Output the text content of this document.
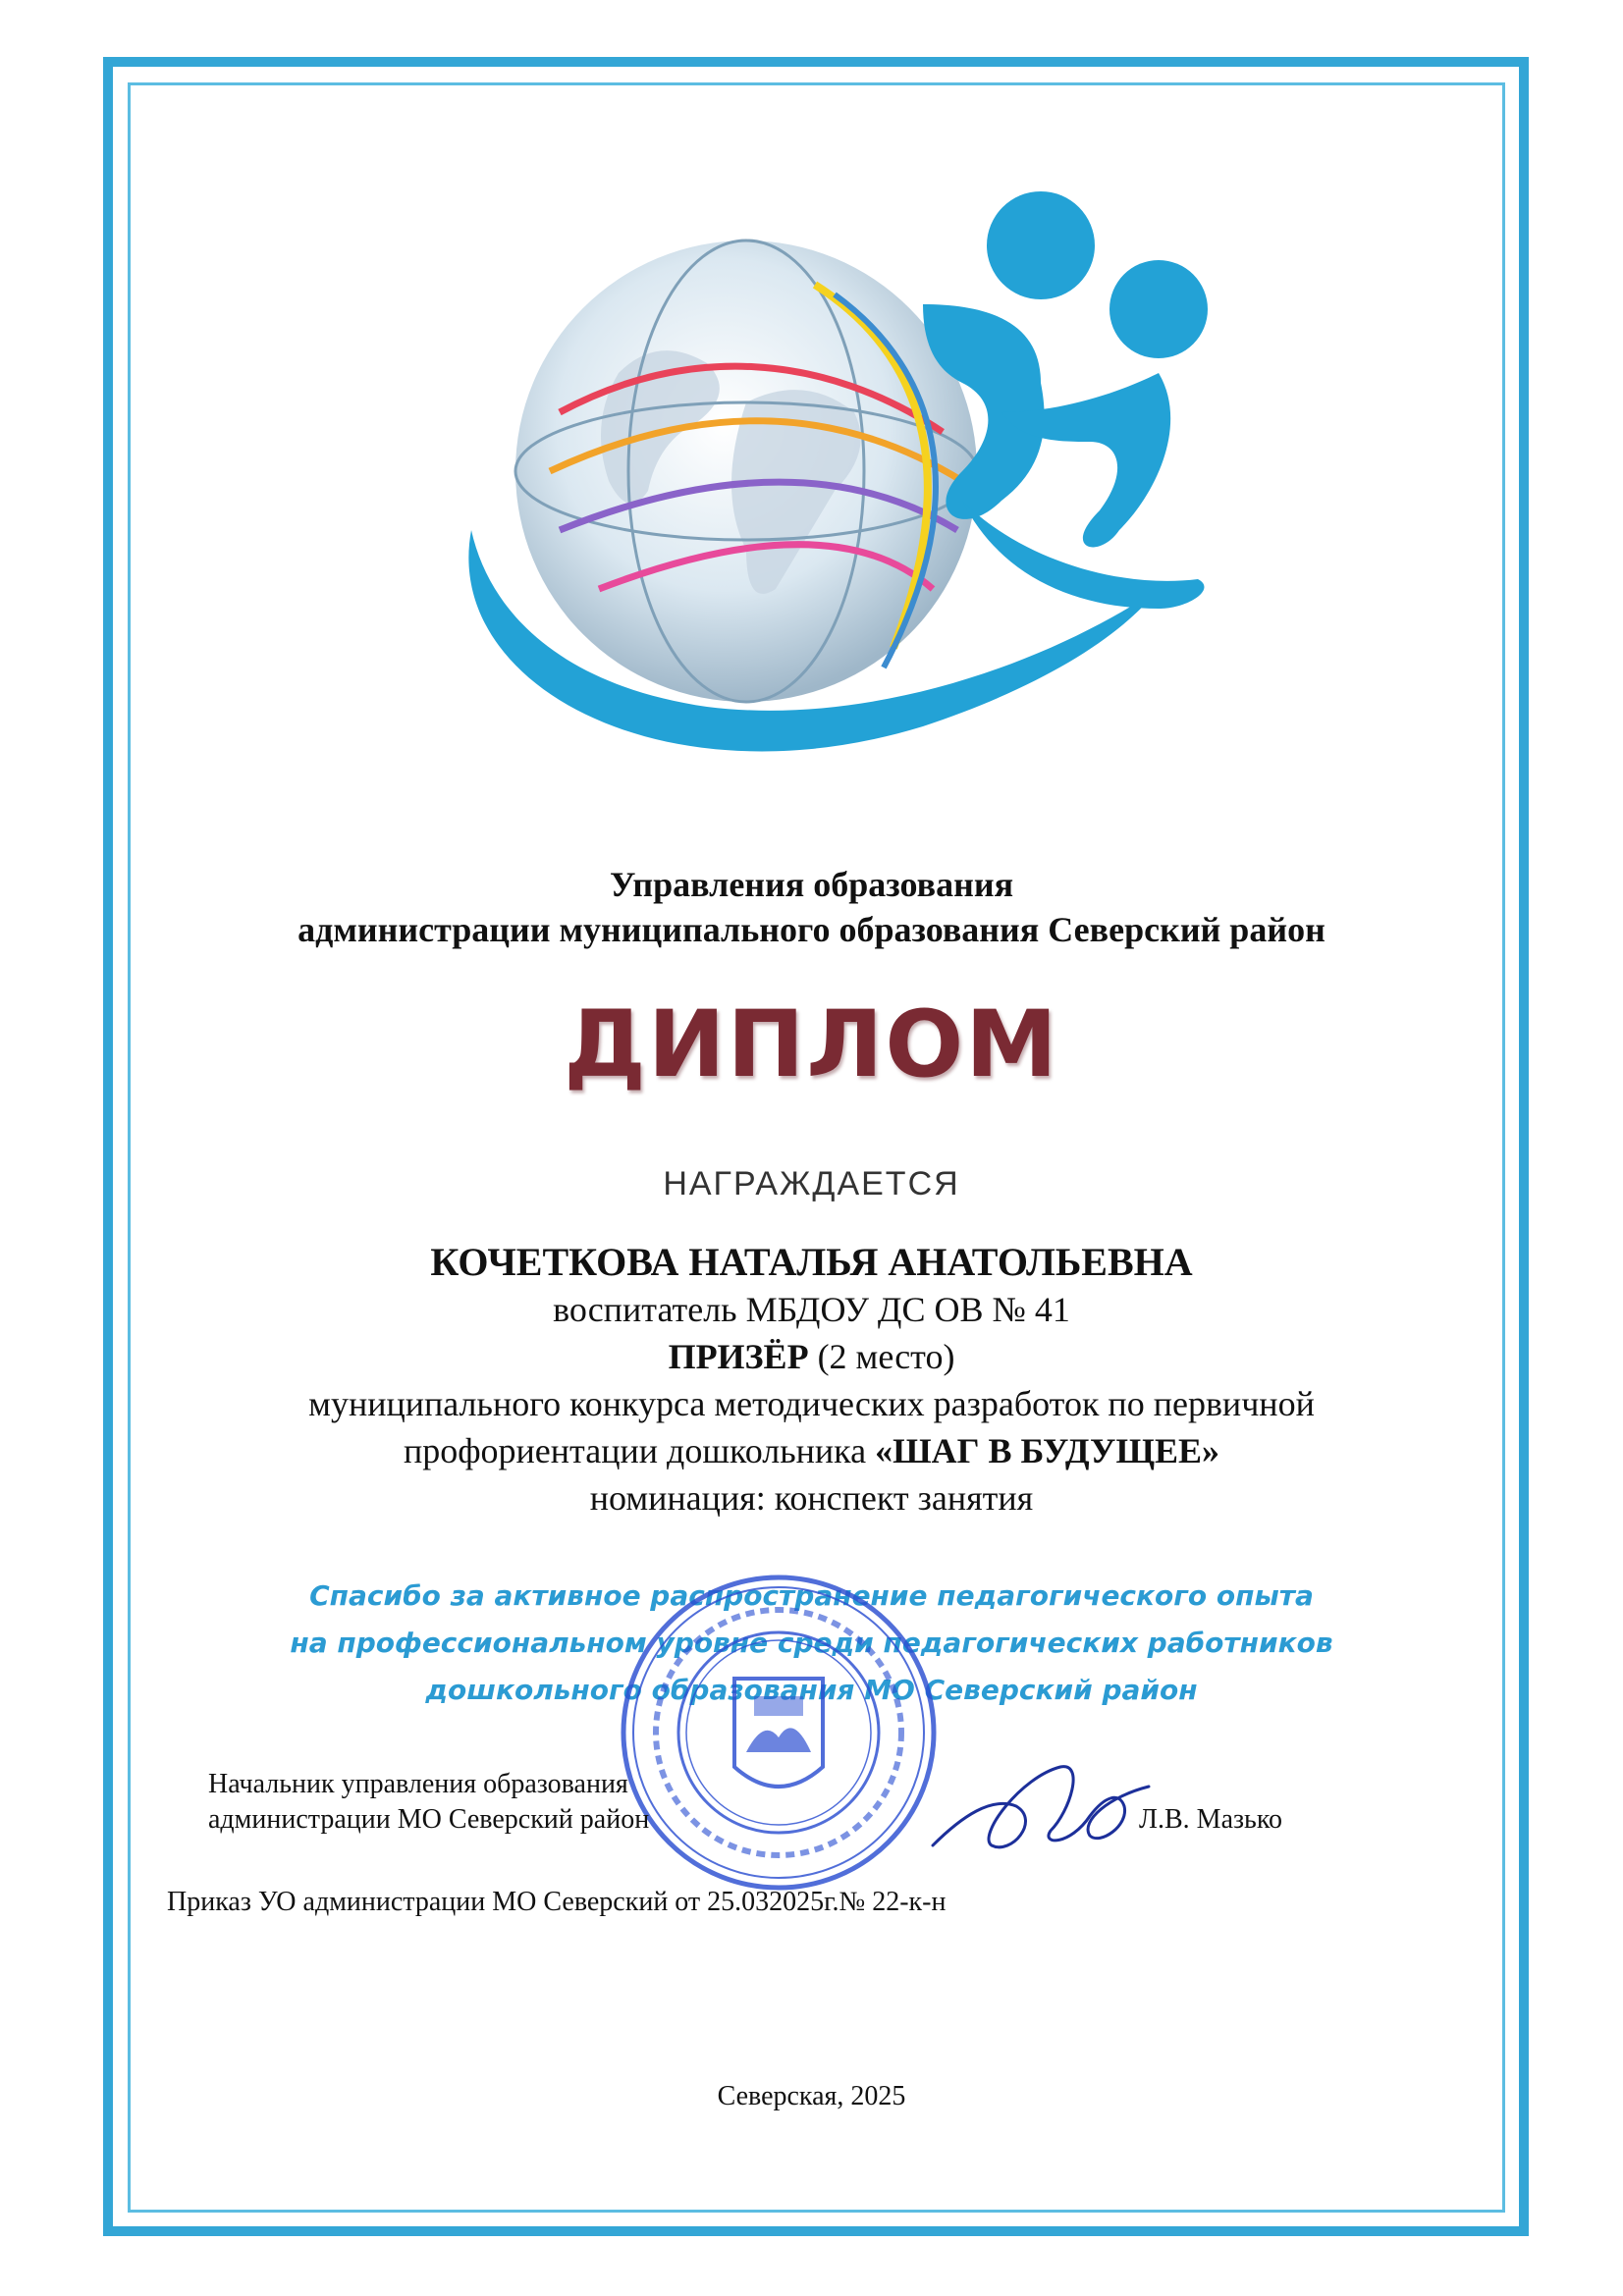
Управления образования
администрации муниципального образования Северский район
ДИПЛОМ
НАГРАЖДАЕТСЯ
КОЧЕТКОВА НАТАЛЬЯ АНАТОЛЬЕВНА
воспитатель МБДОУ ДС ОВ № 41
ПРИЗЁР (2 место)
муниципального конкурса методических разработок по первичной
профориентации дошкольника «ШАГ В БУДУЩЕЕ»
номинация: конспект занятия
Спасибо за активное распространение педагогического опыта
на профессиональном уровне среди педагогических работников
дошкольного образования МО Северский район
Начальник управления образования
администрации МО Северский район	Л.В. Мазько
Приказ УО администрации МО Северский от 25.032025г.№ 22-к-н
Северская, 2025
